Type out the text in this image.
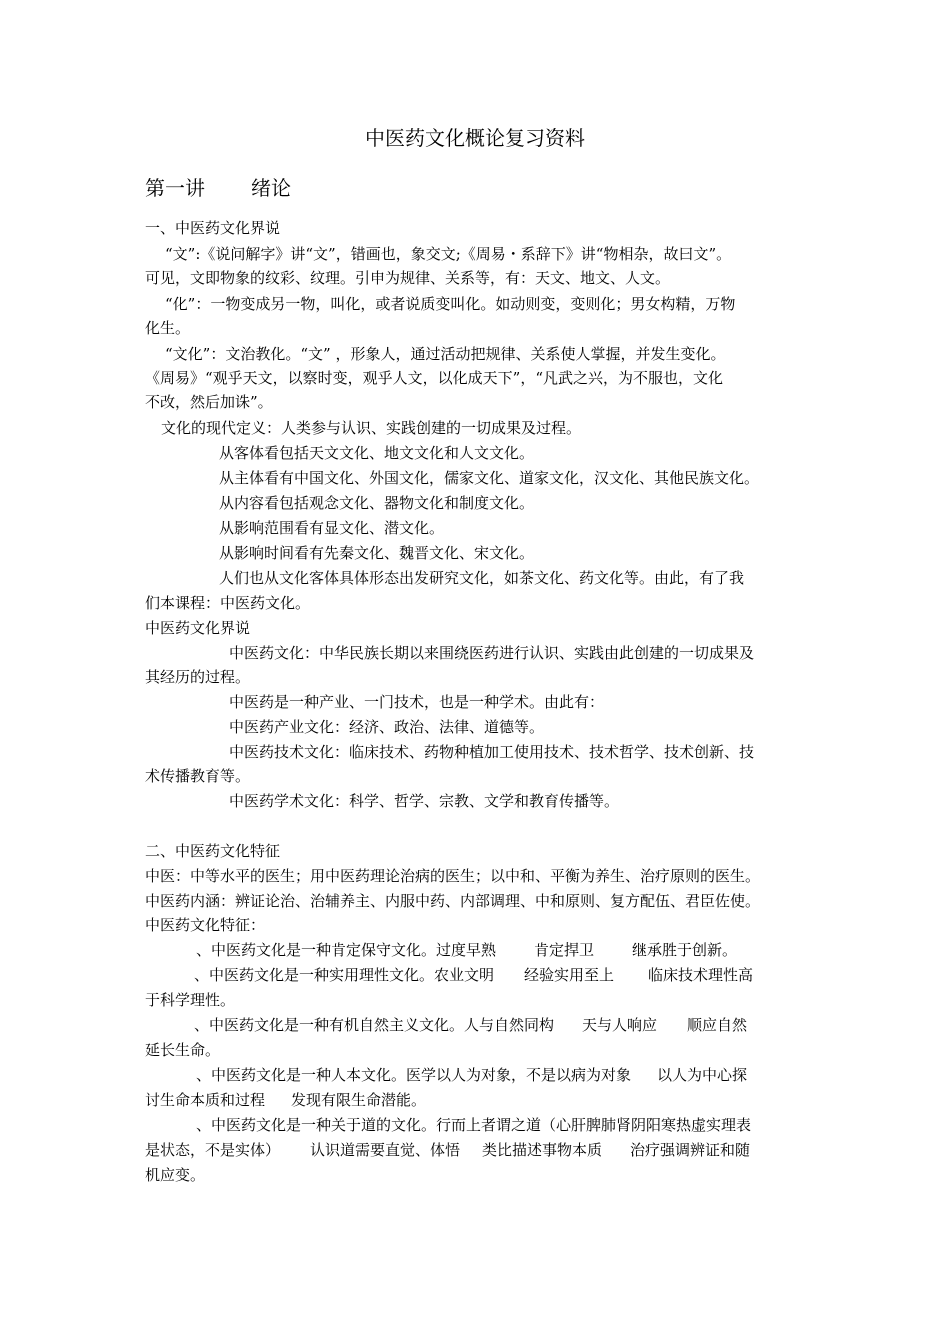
中医药文化概论复习资料
第一讲 绪论
一、中医药文化界说
“文”:《说问解字》讲“文”，错画也，象交文;《周易・系辞下》讲“物相杂，故曰文”。
可见，文即物象的纹彩、纹理。引申为规律、关系等，有：天文、地文、人文。
“化”：一物变成另一物，叫化，或者说质变叫化。如动则变，变则化；男女构精，万物
化生。
“文化”：文治教化。“文” ，形象人，通过活动把规律、关系使人掌握，并发生变化。
《周易》“观乎天文，以察时变，观乎人文，以化成天下”，“凡武之兴，为不服也，文化
不改，然后加诛”。
文化的现代定义：人类参与认识、实践创建的一切成果及过程。
从客体看包括天文文化、地文文化和人文文化。
从主体看有中国文化、外国文化，儒家文化、道家文化，汉文化、其他民族文化。
从内容看包括观念文化、器物文化和制度文化。
从影响范围看有显文化、潜文化。
从影响时间看有先秦文化、魏晋文化、宋文化。
人们也从文化客体具体形态出发研究文化，如茶文化、药文化等。由此，有了我
们本课程：中医药文化。
中医药文化界说
中医药文化：中华民族长期以来围绕医药进行认识、实践由此创建的一切成果及
其经历的过程。
中医药是一种产业、一门技术，也是一种学术。由此有：
中医药产业文化：经济、政治、法律、道德等。
中医药技术文化：临床技术、药物种植加工使用技术、技术哲学、技术创新、技
术传播教育等。
中医药学术文化：科学、哲学、宗教、文学和教育传播等。
二、中医药文化特征
中医：中等水平的医生；用中医药理论治病的医生；以中和、平衡为养生、治疗原则的医生。
中医药内涵：辨证论治、治辅养主、内服中药、内部调理、中和原则、复方配伍、君臣佐使。
中医药文化特征：
、中医药文化是一种肯定保守文化。过度早熟	肯定捍卫	继承胜于创新。
、中医药文化是一种实用理性文化。农业文明 经验实用至上 临床技术理性高
于科学理性。
、中医药文化是一种有机自然主义文化。人与自然同构 天与人响应 顺应自然
延长生命。
、中医药文化是一种人本文化。医学以人为对象，不是以病为对象 以人为中心探
讨生命本质和过程 发现有限生命潜能。
、中医药文化是一种关于道的文化。行而上者谓之道（心肝脾肺肾阴阳寒热虚实理表
是状态，不是实体） 认识道需要直觉、体悟 类比描述事物本质 治疗强调辨证和随
机应变。
